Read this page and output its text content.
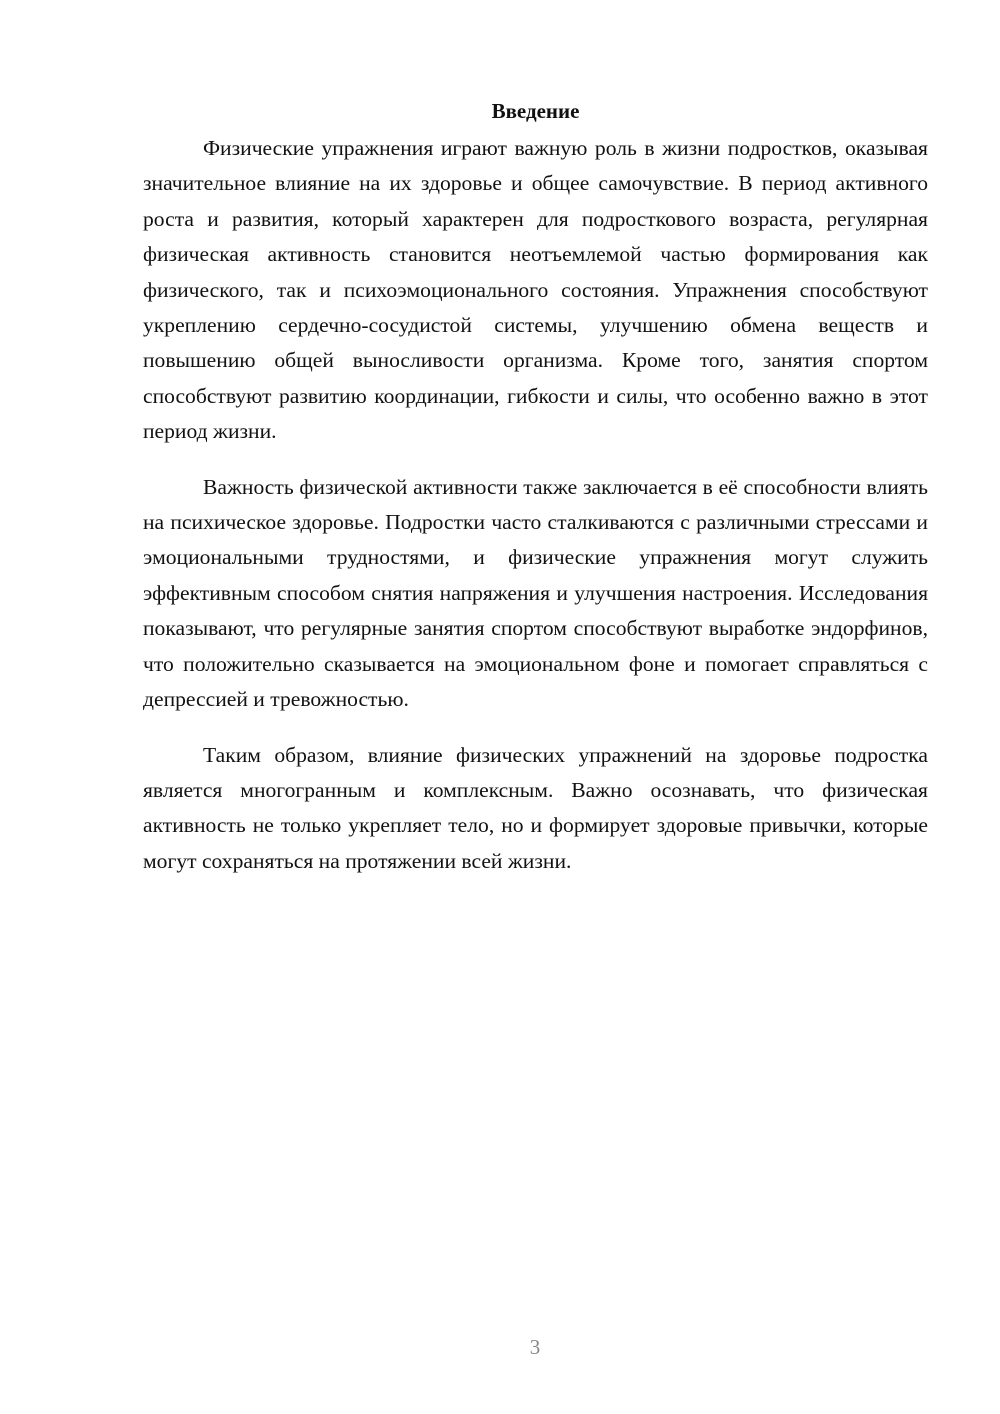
Введение

Физические упражнения играют важную роль в жизни подростков, оказывая значительное влияние на их здоровье и общее самочувствие. В период активного роста и развития, который характерен для подросткового возраста, регулярная физическая активность становится неотъемлемой частью формирования как физического, так и психоэмоционального состояния. Упражнения способствуют укреплению сердечно-сосудистой системы, улучшению обмена веществ и повышению общей выносливости организма. Кроме того, занятия спортом способствуют развитию координации, гибкости и силы, что особенно важно в этот период жизни.

Важность физической активности также заключается в её способности влиять на психическое здоровье. Подростки часто сталкиваются с различными стрессами и эмоциональными трудностями, и физические упражнения могут служить эффективным способом снятия напряжения и улучшения настроения. Исследования показывают, что регулярные занятия спортом способствуют выработке эндорфинов, что положительно сказывается на эмоциональном фоне и помогает справляться с депрессией и тревожностью.

Таким образом, влияние физических упражнений на здоровье подростка является многогранным и комплексным. Важно осознавать, что физическая активность не только укрепляет тело, но и формирует здоровые привычки, которые могут сохраняться на протяжении всей жизни.

3
